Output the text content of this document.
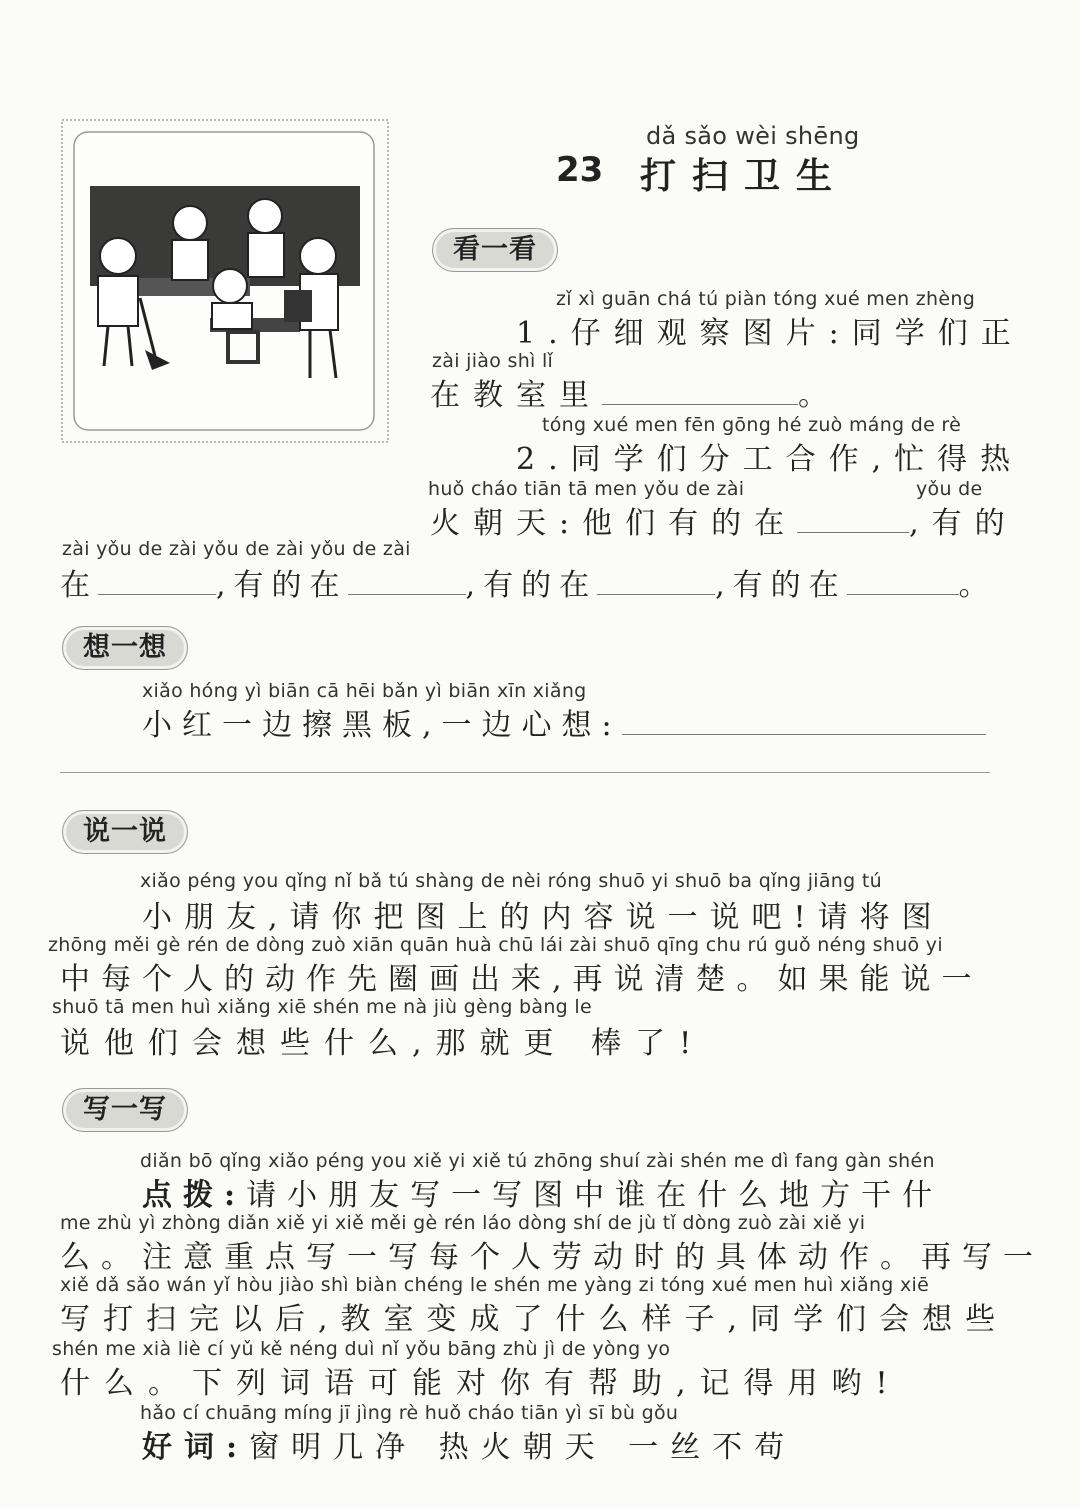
dǎ sǎo wèi shēng
23 打扫卫生
看一看
zǐ xì guān chá tú piàn tóng xué men zhèng
1.仔细观察图片:同学们正
zài jiào shì lǐ
在教室里	。
tóng xué men fēn gōng hé zuò máng de rè
2.同学们分工合作,忙得热
huǒ cháo tiān tā men yǒu de zài	yǒu de
火朝天:他们有的在	,有的
zài yǒu de zài yǒu de zài yǒu de zài
在	,有的在	,有的在	,有的在	。
想一想
xiǎo hóng yì biān cā hēi bǎn yì biān xīn xiǎng
小红一边擦黑板,一边心想:
说一说
xiǎo péng you qǐng nǐ bǎ tú shàng de nèi róng shuō yi shuō ba qǐng jiāng tú
小朋友,请你把图上的内容说一说吧!请将图
zhōng měi gè rén de dòng zuò xiān quān huà chū lái zài shuō qīng chu rú guǒ néng shuō yi
中每个人的动作先圈画出来,再说清楚。如果能说一
shuō tā men huì xiǎng xiē shén me nà jiù gèng bàng le
说他们会想些什么,那就更 棒了!
写一写
diǎn bō qǐng xiǎo péng you xiě yi xiě tú zhōng shuí zài shén me dì fang gàn shén
点拨:请小朋友写一写图中谁在什么地方干什
me zhù yì zhòng diǎn xiě yi xiě měi gè rén láo dòng shí de jù tǐ dòng zuò zài xiě yi
么。注意重点写一写每个人劳动时的具体动作。再写一
xiě dǎ sǎo wán yǐ hòu jiào shì biàn chéng le shén me yàng zi tóng xué men huì xiǎng xiē
写打扫完以后,教室变成了什么样子,同学们会想些
shén me xià liè cí yǔ kě néng duì nǐ yǒu bāng zhù jì de yòng yo
什么。下列词语可能对你有帮助,记得用哟!
hǎo cí chuāng míng jī jìng rè huǒ cháo tiān yì sī bù gǒu
好词:窗明几净 热火朝天 一丝不苟
